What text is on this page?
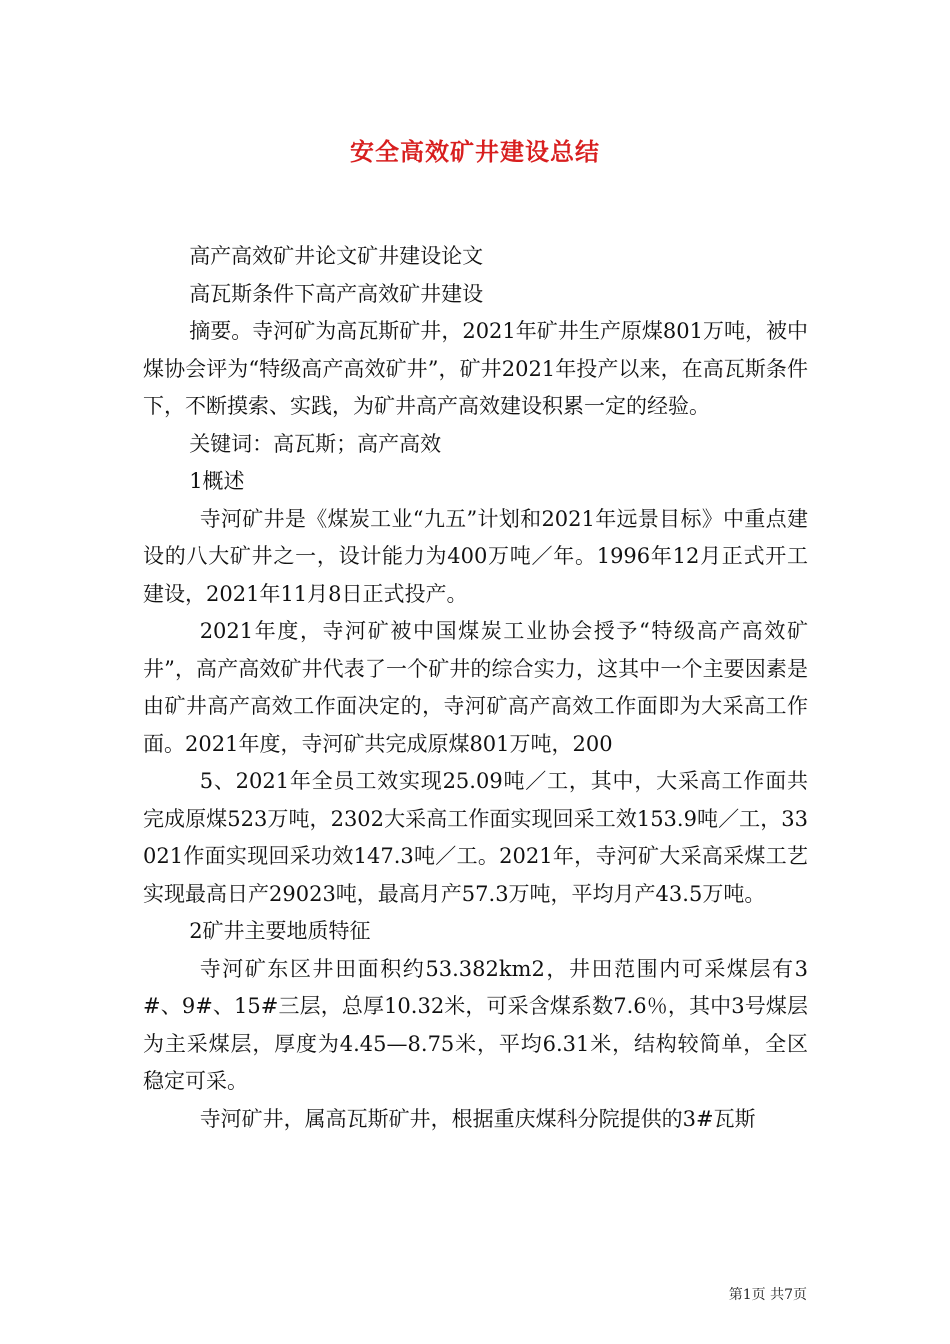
安全高效矿井建设总结

高产高效矿井论文矿井建设论文

高瓦斯条件下高产高效矿井建设

摘要。寺河矿为高瓦斯矿井，2021年矿井生产原煤801万吨，被中煤协会评为“特级高产高效矿井”，矿井2021年投产以来，在高瓦斯条件下，不断摸索、实践，为矿井高产高效建设积累一定的经验。

关键词：高瓦斯；高产高效

1概述

寺河矿井是《煤炭工业“九五”计划和2021年远景目标》中重点建设的八大矿井之一，设计能力为400万吨／年。1996年12月正式开工建设，2021年11月8日正式投产。

2021年度，寺河矿被中国煤炭工业协会授予“特级高产高效矿井”，高产高效矿井代表了一个矿井的综合实力，这其中一个主要因素是由矿井高产高效工作面决定的，寺河矿高产高效工作面即为大采高工作面。2021年度，寺河矿共完成原煤801万吨，200

5、2021年全员工效实现25.09吨／工，其中，大采高工作面共完成原煤523万吨，2302大采高工作面实现回采工效153.9吨／工，33021作面实现回采功效147.3吨／工。2021年，寺河矿大采高采煤工艺实现最高日产29023吨，最高月产57.3万吨，平均月产43.5万吨。

2矿井主要地质特征

寺河矿东区井田面积约53.382km2，井田范围内可采煤层有3#、9#、15#三层，总厚10.32米，可采含煤系数7.6％，其中3号煤层为主采煤层，厚度为4.45—8.75米，平均6.31米，结构较简单，全区稳定可采。

寺河矿井，属高瓦斯矿井，根据重庆煤科分院提供的3#瓦斯

第1页 共7页
